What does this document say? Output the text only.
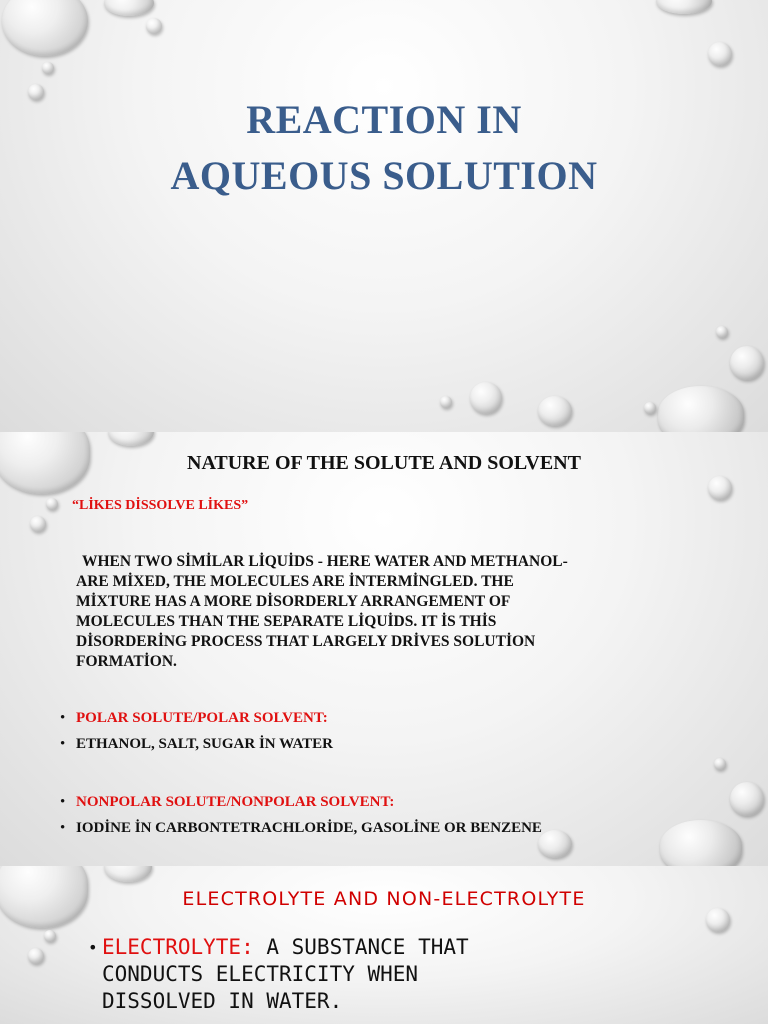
REACTION IN
AQUEOUS SOLUTION
NATURE OF THE SOLUTE AND SOLVENT
“LİKES DİSSOLVE LİKES”
WHEN TWO SİMİLAR LİQUİDS - HERE WATER AND METHANOL-
ARE MİXED, THE MOLECULES ARE İNTERMİNGLED. THE
MİXTURE HAS A MORE DİSORDERLY ARRANGEMENT OF
MOLECULES THAN THE SEPARATE LİQUİDS. IT İS THİS
DİSORDERİNG PROCESS THAT LARGELY DRİVES SOLUTİON
FORMATİON.
• POLAR SOLUTE/POLAR SOLVENT:
• ETHANOL, SALT, SUGAR İN WATER
• NONPOLAR SOLUTE/NONPOLAR SOLVENT:
• IODİNE İN CARBONTETRACHLORİDE, GASOLİNE OR BENZENE
ELECTROLYTE AND NON-ELECTROLYTE
• ELECTROLYTE: A SUBSTANCE THAT
CONDUCTS ELECTRICITY WHEN
DISSOLVED IN WATER.
